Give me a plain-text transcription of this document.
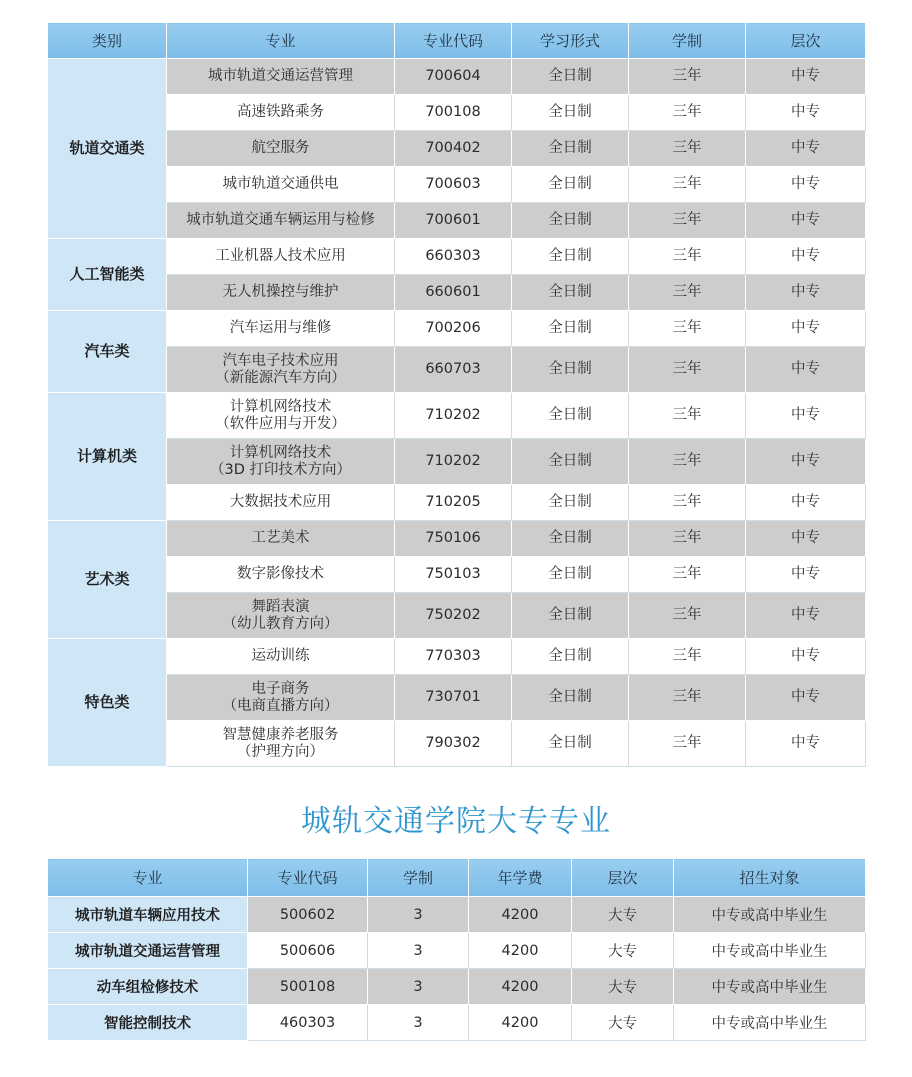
类别	专业	专业代码	学习形式	学制	层次
轨道交通类	城市轨道交通运营管理	700604	全日制	三年	中专

	高速铁路乘务	700108	全日制	三年	中专

	航空服务	700402	全日制	三年	中专

	城市轨道交通供电	700603	全日制	三年	中专

	城市轨道交通车辆运用与检修	700601	全日制	三年	中专
人工智能类	工业机器人技术应用	660303	全日制	三年	中专

	无人机操控与维护	660601	全日制	三年	中专
汽车类	汽车运用与维修	700206	全日制	三年	中专

	汽车电子技术应用
（新能源汽车方向）	660703	全日制	三年	中专
计算机类	计算机网络技术
（软件应用与开发）	710202	全日制	三年	中专

	计算机网络技术
（3D 打印技术方向）	710202	全日制	三年	中专

	大数据技术应用	710205	全日制	三年	中专
艺术类	工艺美术	750106	全日制	三年	中专

	数字影像技术	750103	全日制	三年	中专

	舞蹈表演
（幼儿教育方向）	750202	全日制	三年	中专
特色类	运动训练	770303	全日制	三年	中专

	电子商务
（电商直播方向）	730701	全日制	三年	中专

	智慧健康养老服务
（护理方向）	790302	全日制	三年	中专
城轨交通学院大专专业
专业	专业代码	学制	年学费	层次	招生对象
城市轨道车辆应用技术	500602	3	4200	大专	中专或高中毕业生
城市轨道交通运营管理	500606	3	4200	大专	中专或高中毕业生
动车组检修技术	500108	3	4200	大专	中专或高中毕业生
智能控制技术	460303	3	4200	大专	中专或高中毕业生
